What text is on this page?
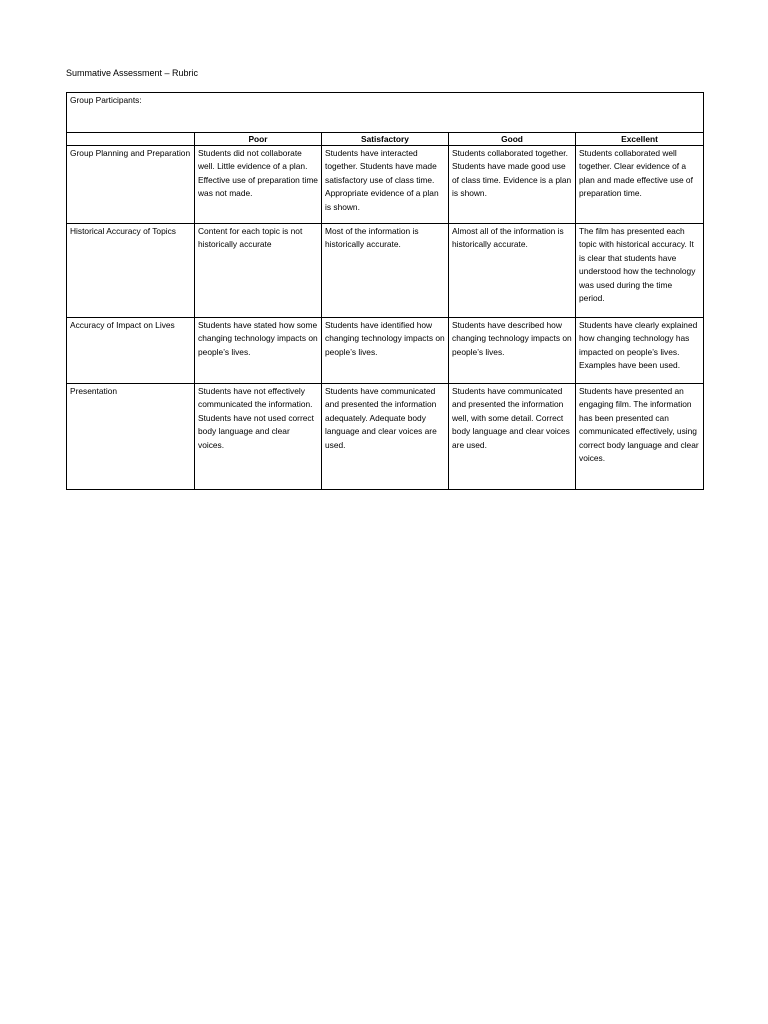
Summative Assessment – Rubric
Group Participants:				
	Poor	Satisfactory	Good	Excellent
Group Planning and Preparation	Students did not collaborate well. Little evidence of a plan. Effective use of preparation time was not made.	Students have interacted together. Students have made satisfactory use of class time. Appropriate evidence of a plan is shown.	Students collaborated together. Students have made good use of class time. Evidence is a plan is shown.	Students collaborated well together. Clear evidence of a plan and made effective use of preparation time.
Historical Accuracy of Topics	Content for each topic is not historically accurate	Most of the information is historically accurate.	Almost all of the information is historically accurate.	The film has presented each topic with historical accuracy. It is clear that students have understood how the technology was used during the time period.
Accuracy of Impact on Lives	Students have stated how some changing technology impacts on people’s lives.	Students have identified how changing technology impacts on people’s lives.	Students have described how changing technology impacts on people’s lives.	Students have clearly explained how changing technology has impacted on people’s lives. Examples have been used.
Presentation	Students have not effectively communicated the information. Students have not used correct body language and clear voices.	Students have communicated and presented the information adequately. Adequate body language and clear voices are used.	Students have communicated and presented the information well, with some detail. Correct body language and clear voices are used.	Students have presented an engaging film. The information has been presented can communicated effectively, using correct body language and clear voices.
